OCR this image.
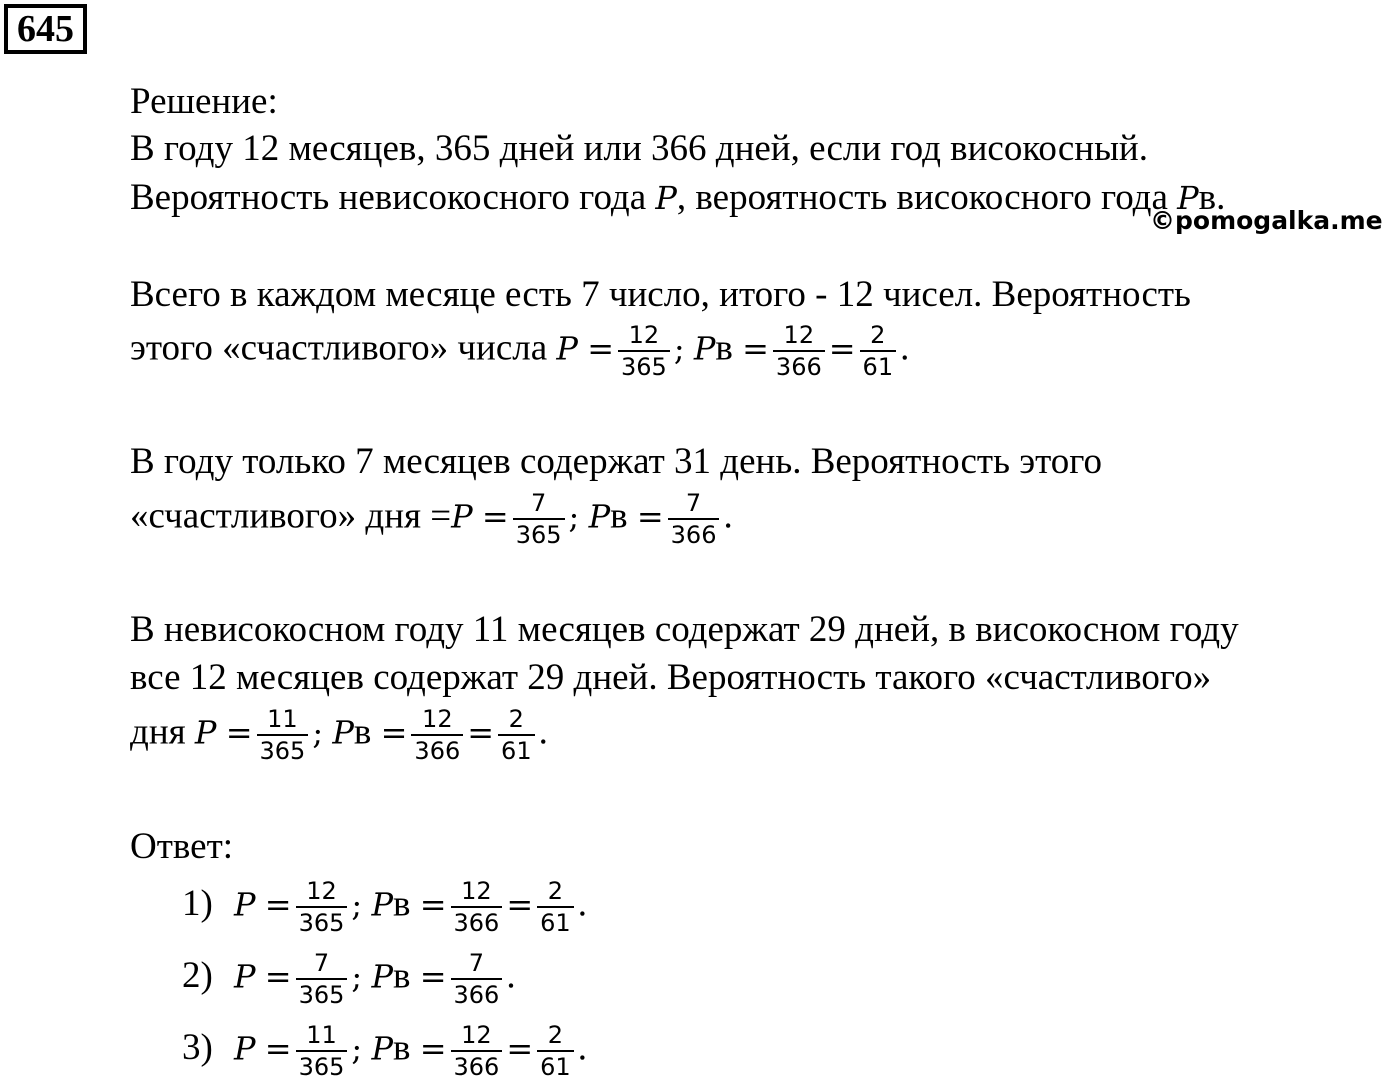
645
©pomogalka.me
Решение:
В году 12 месяцев, 365 дней или 366 дней, если год високосный.
Вероятность невисокосного года P, вероятность високосного года Pв.
Всего в каждом месяце есть 7 число, итого - 12 чисел. Вероятность
этого «счастливого» числа $P = \frac{12}{365}$ ; Pв = $\frac{12}{366} = \frac{2}{61}$ .
В году только 7 месяцев содержат 31 день. Вероятность этого
«счастливого» дня $=P = \frac{7}{365}$ ; Pв = $\frac{7}{366}$ .
В невисокосном году 11 месяцев содержат 29 дней, в високосном году
все 12 месяцев содержат 29 дней. Вероятность такого «счастливого»
дня $P = \frac{11}{365}$ ; Pв = $\frac{12}{366} = \frac{2}{61}$ .
Ответ:
1) $P = \frac{12}{365}$ ; Pв = $\frac{12}{366} = \frac{2}{61}$ .
2) $P = \frac{7}{365}$ ; Pв = $\frac{7}{366}$ .
3) $P = \frac{11}{365}$ ; Pв = $\frac{12}{366} = \frac{2}{61}$ .
